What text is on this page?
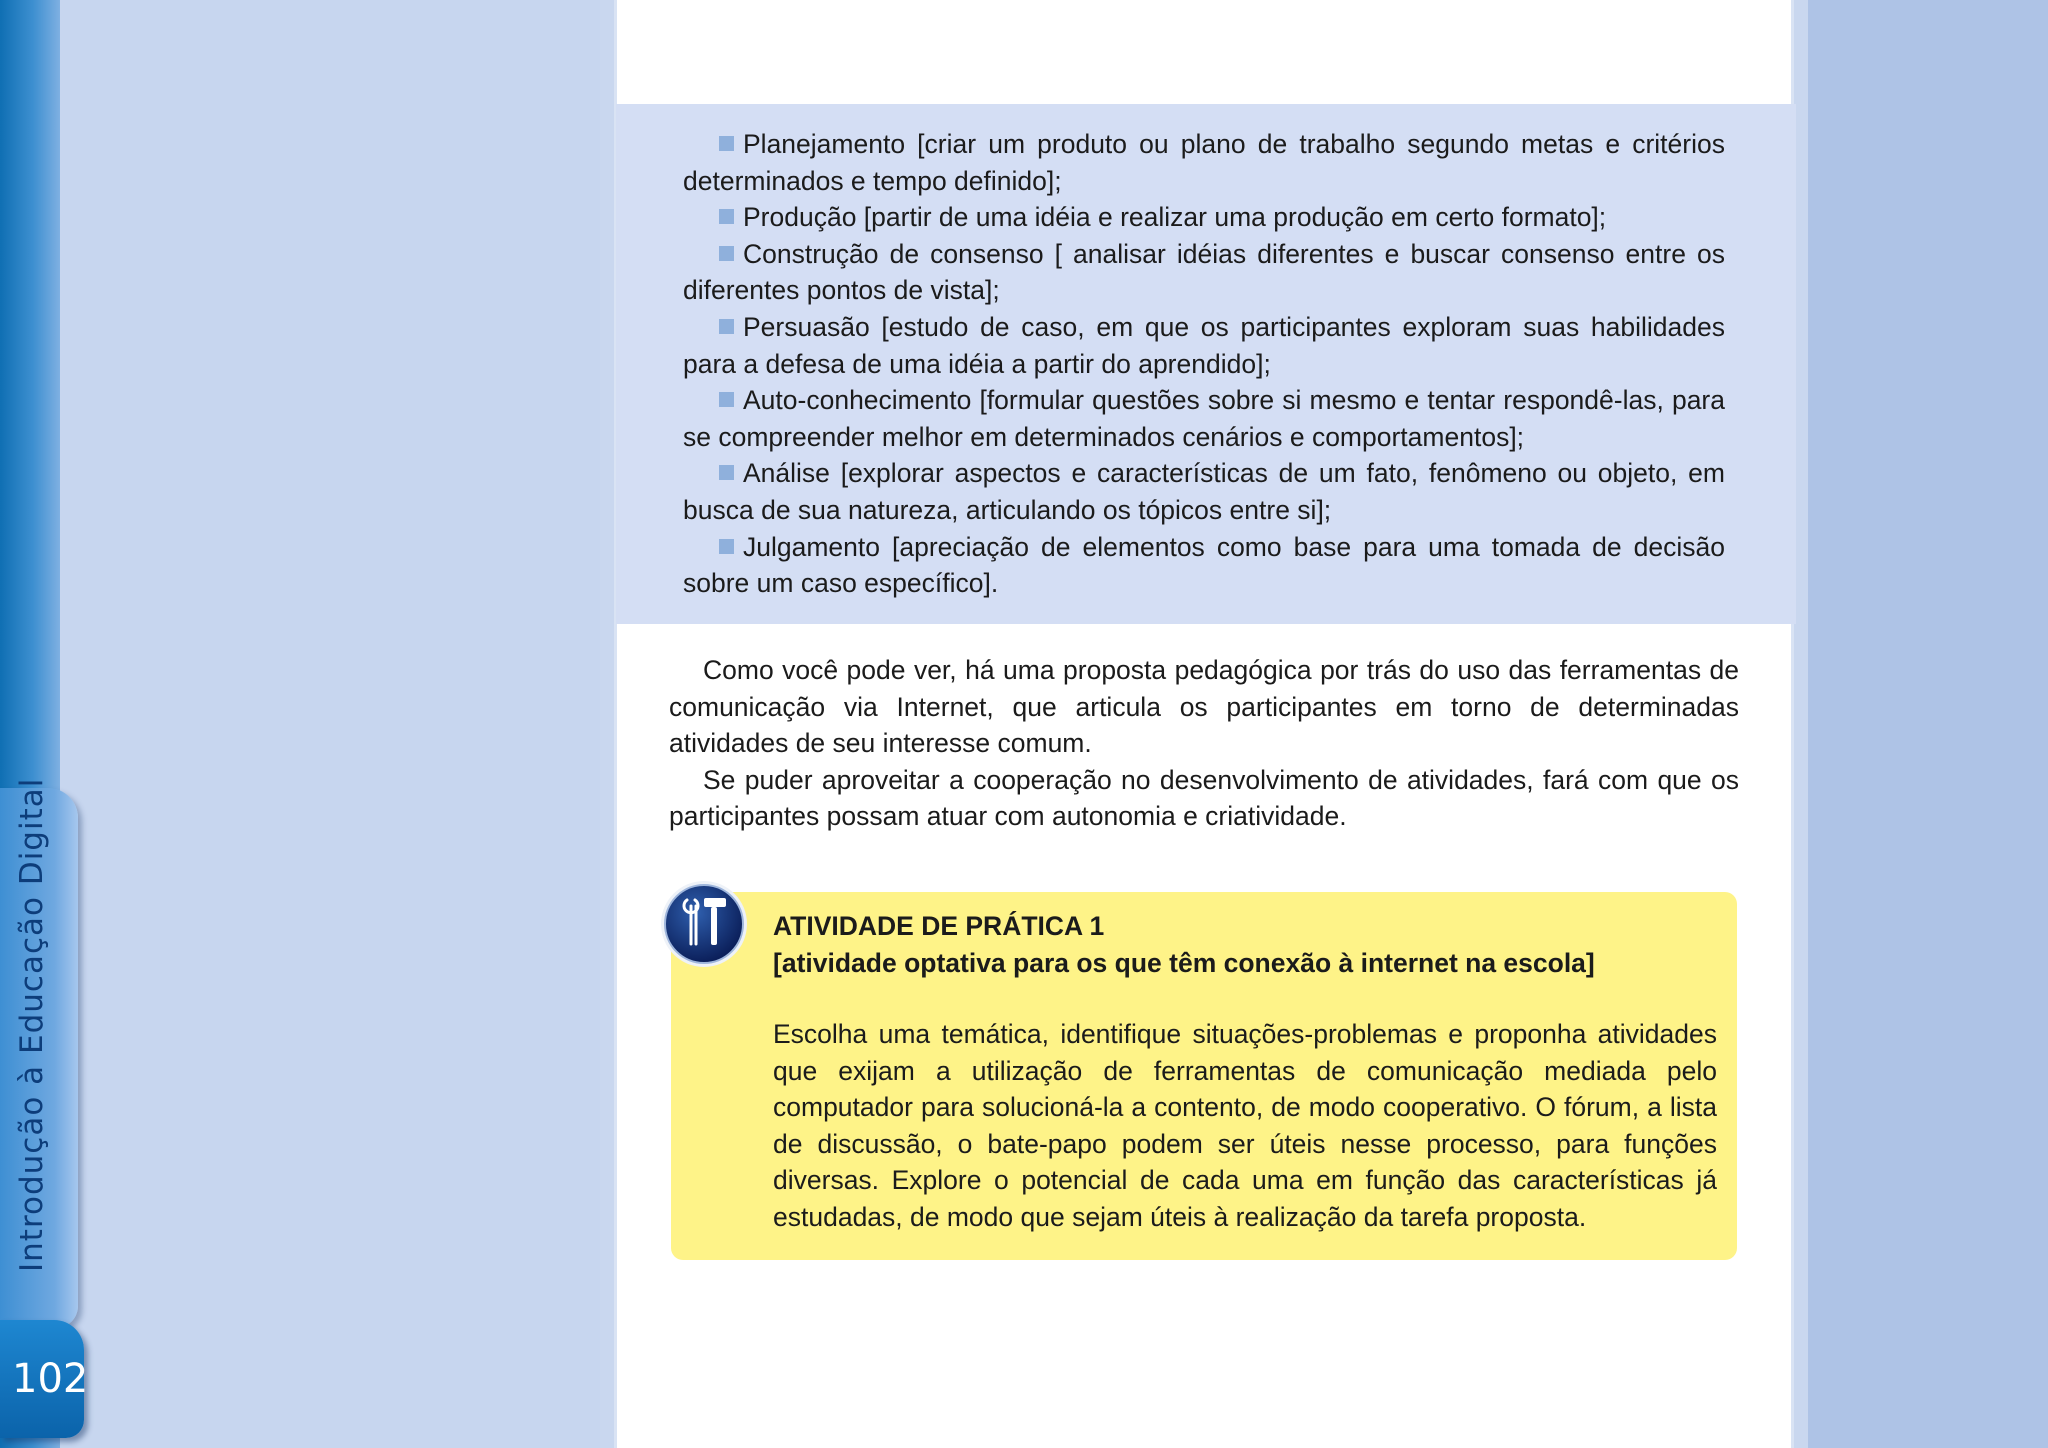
Introdução à Educação Digital
102
Planejamento [criar um produto ou plano de trabalho segundo metas e critérios determinados e tempo definido];
Produção [partir de uma idéia e realizar uma produção em certo formato];
Construção de consenso [ analisar idéias diferentes e buscar consenso entre os diferentes pontos de vista];
Persuasão [estudo de caso, em que os participantes exploram suas habilidades para a defesa de uma idéia a partir do aprendido];
Auto-conhecimento [formular questões sobre si mesmo e tentar respondê-las, para se compreender melhor em determinados cenários e comportamentos];
Análise [explorar aspectos e características de um fato, fenômeno ou objeto, em busca de sua natureza, articulando os tópicos entre si];
Julgamento [apreciação de elementos como base para uma tomada de decisão sobre um caso específico].

Como você pode ver, há uma proposta pedagógica por trás do uso das ferramentas de comunicação via Internet, que articula os participantes em torno de determinadas atividades de seu interesse comum.

Se puder aproveitar a cooperação no desenvolvimento de atividades, fará com que os participantes possam atuar com autonomia e criatividade.

ATIVIDADE DE PRÁTICA 1
[atividade optativa para os que têm conexão à internet na escola]

Escolha uma temática, identifique situações-problemas e proponha atividades que exijam a utilização de ferramentas de comunicação mediada pelo computador para solucioná-la a contento, de modo cooperativo. O fórum, a lista de discussão, o bate-papo podem ser úteis nesse processo, para funções diversas. Explore o potencial de cada uma em função das características já estudadas, de modo que sejam úteis à realização da tarefa proposta.
